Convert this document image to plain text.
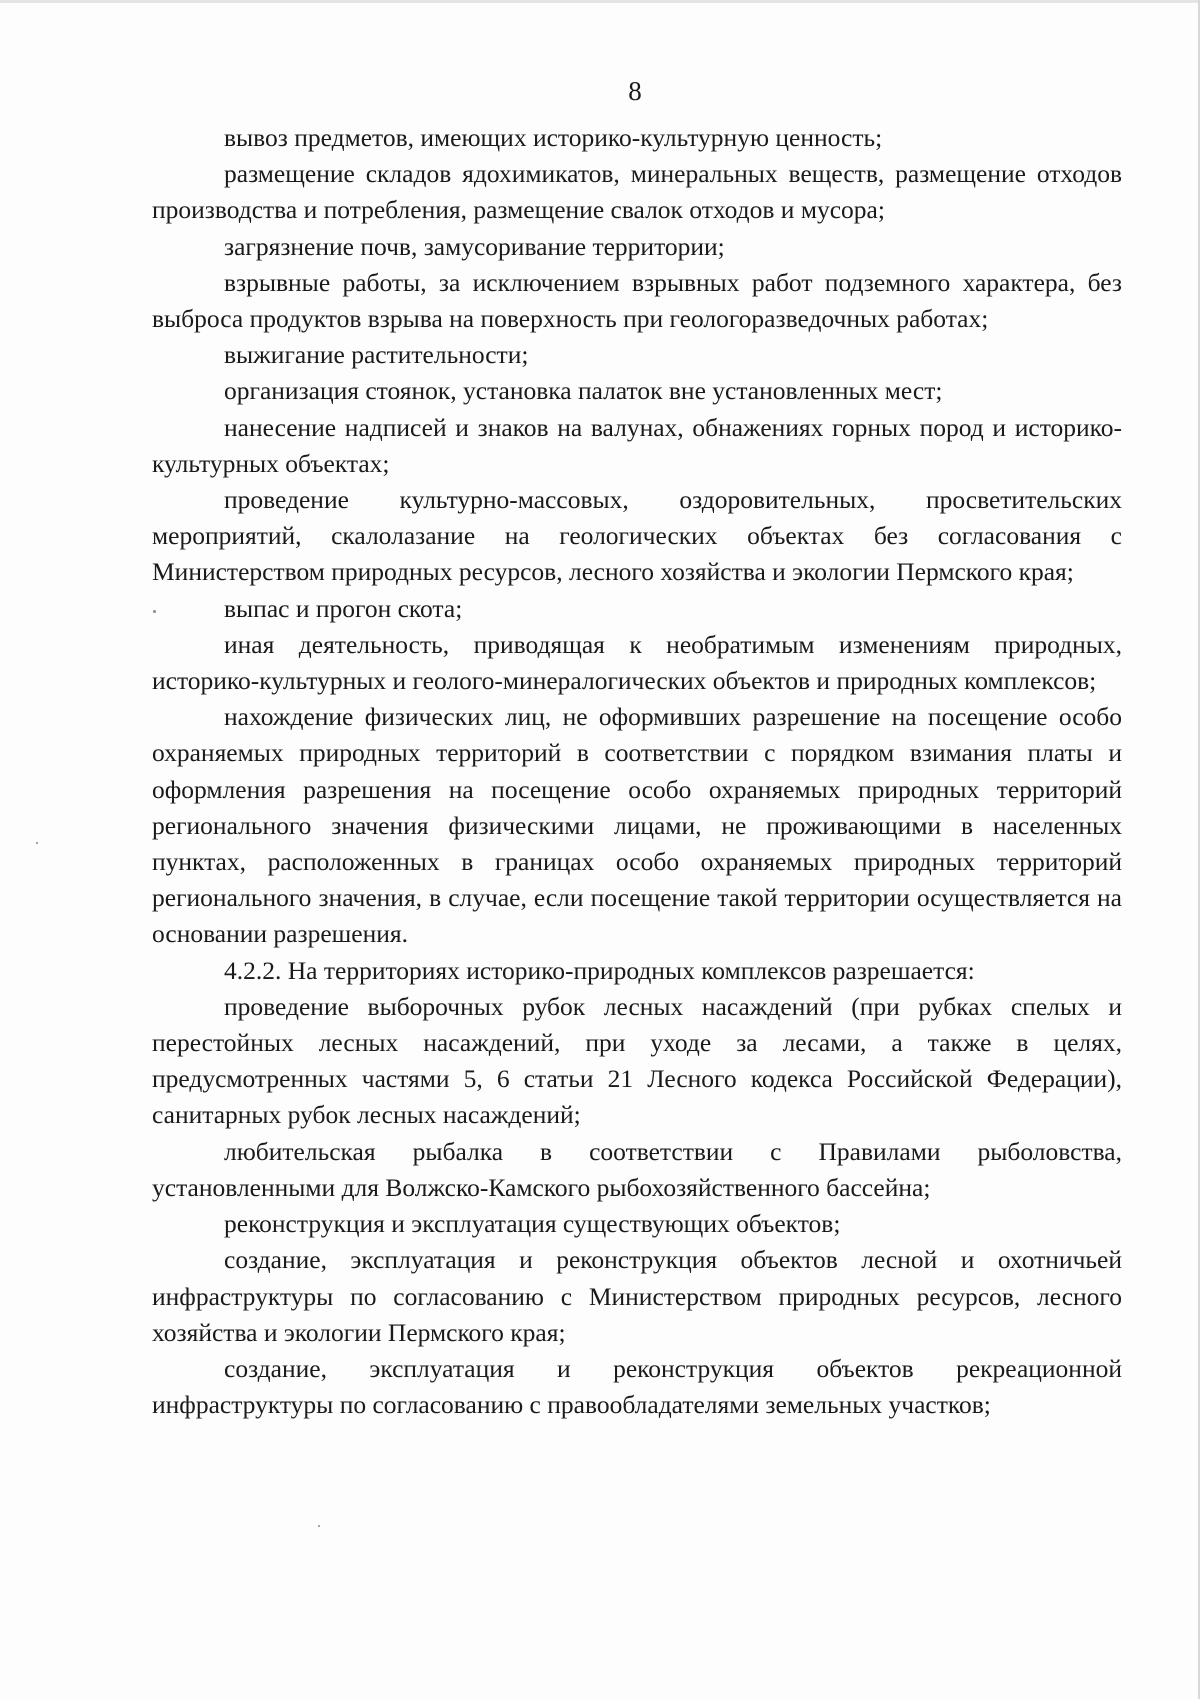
8

вывоз предметов, имеющих историко-культурную ценность;

размещение складов ядохимикатов, минеральных веществ, размещение отходов производства и потребления, размещение свалок отходов и мусора;

загрязнение почв, замусоривание территории;

взрывные работы, за исключением взрывных работ подземного характера, без выброса продуктов взрыва на поверхность при геологоразведочных работах;

выжигание растительности;

организация стоянок, установка палаток вне установленных мест;

нанесение надписей и знаков на валунах, обнажениях горных пород и историко-культурных объектах;

проведение культурно-массовых, оздоровительных, просветительских мероприятий, скалолазание на геологических объектах без согласования с Министерством природных ресурсов, лесного хозяйства и экологии Пермского края;

выпас и прогон скота;

иная деятельность, приводящая к необратимым изменениям природных, историко-культурных и геолого-минералогических объектов и природных комплексов;

нахождение физических лиц, не оформивших разрешение на посещение особо охраняемых природных территорий в соответствии с порядком взимания платы и оформления разрешения на посещение особо охраняемых природных территорий регионального значения физическими лицами, не проживающими в населенных пунктах, расположенных в границах особо охраняемых природных территорий регионального значения, в случае, если посещение такой территории осуществляется на основании разрешения.

4.2.2. На территориях историко-природных комплексов разрешается:

проведение выборочных рубок лесных насаждений (при рубках спелых и перестойных лесных насаждений, при уходе за лесами, а также в целях, предусмотренных частями 5, 6 статьи 21 Лесного кодекса Российской Федерации), санитарных рубок лесных насаждений;

любительская рыбалка в соответствии с Правилами рыболовства, установленными для Волжско-Камского рыбохозяйственного бассейна;

реконструкция и эксплуатация существующих объектов;

создание, эксплуатация и реконструкция объектов лесной и охотничьей инфраструктуры по согласованию с Министерством природных ресурсов, лесного хозяйства и экологии Пермского края;

создание, эксплуатация и реконструкция объектов рекреационной инфраструктуры по согласованию с правообладателями земельных участков;
